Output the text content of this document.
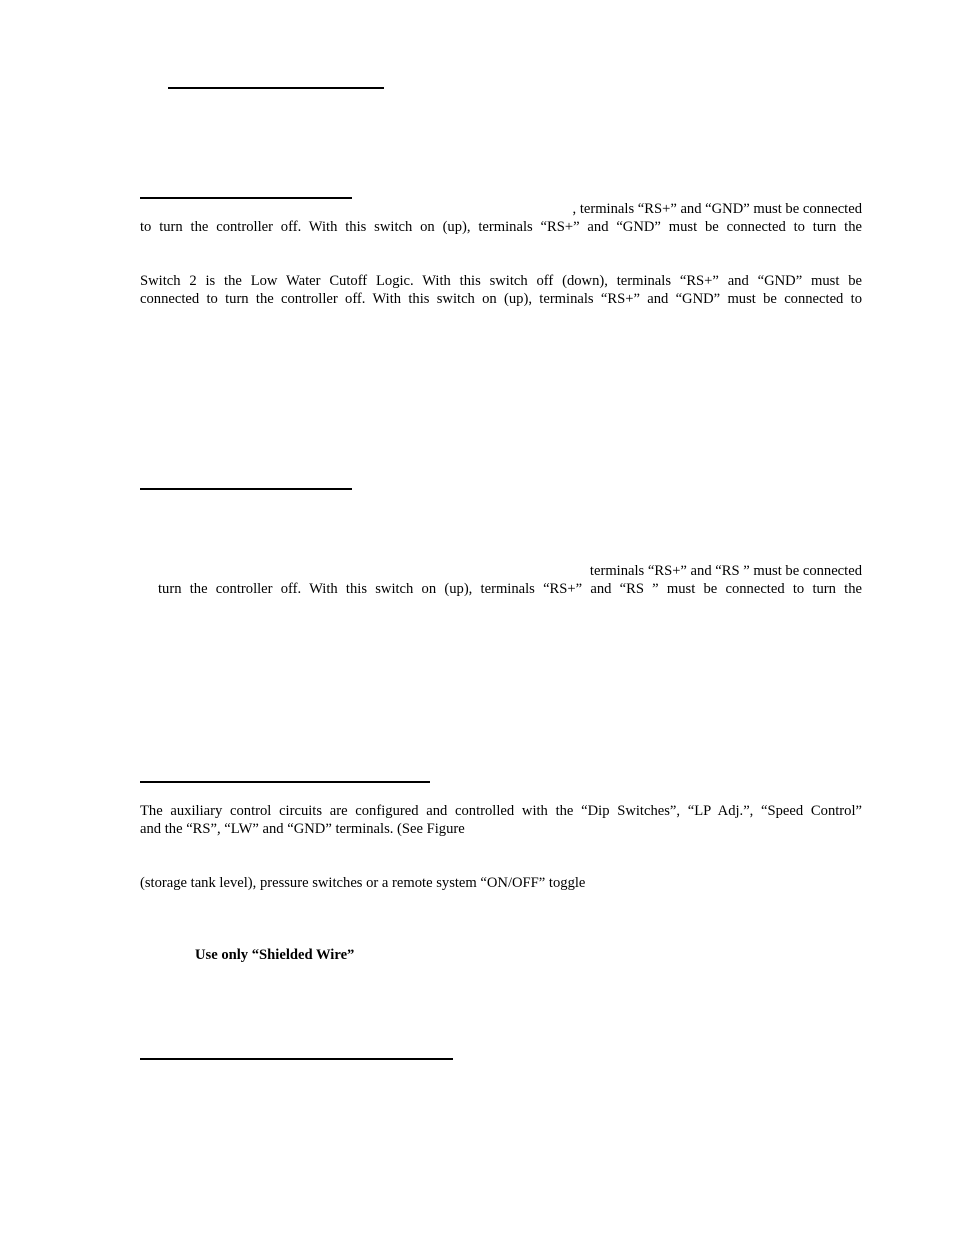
, terminals “RS+” and “GND” must be connected
to turn the controller off. With this switch on (up), terminals “RS+” and “GND” must be connected to turn the
Switch 2 is the Low Water Cutoff Logic. With this switch off (down), terminals “RS+” and “GND” must be
connected to turn the controller off. With this switch on (up), terminals “RS+” and “GND” must be connected to
terminals “RS+” and “RS ” must be connected
turn the controller off. With this switch on (up), terminals “RS+” and “RS ” must be connected to turn the
The auxiliary control circuits are configured and controlled with the “Dip Switches”, “LP Adj.”, “Speed Control”
and the “RS”, “LW” and “GND” terminals. (See Figure
(storage tank level), pressure switches or a remote system “ON/OFF” toggle
Use only “Shielded Wire”
